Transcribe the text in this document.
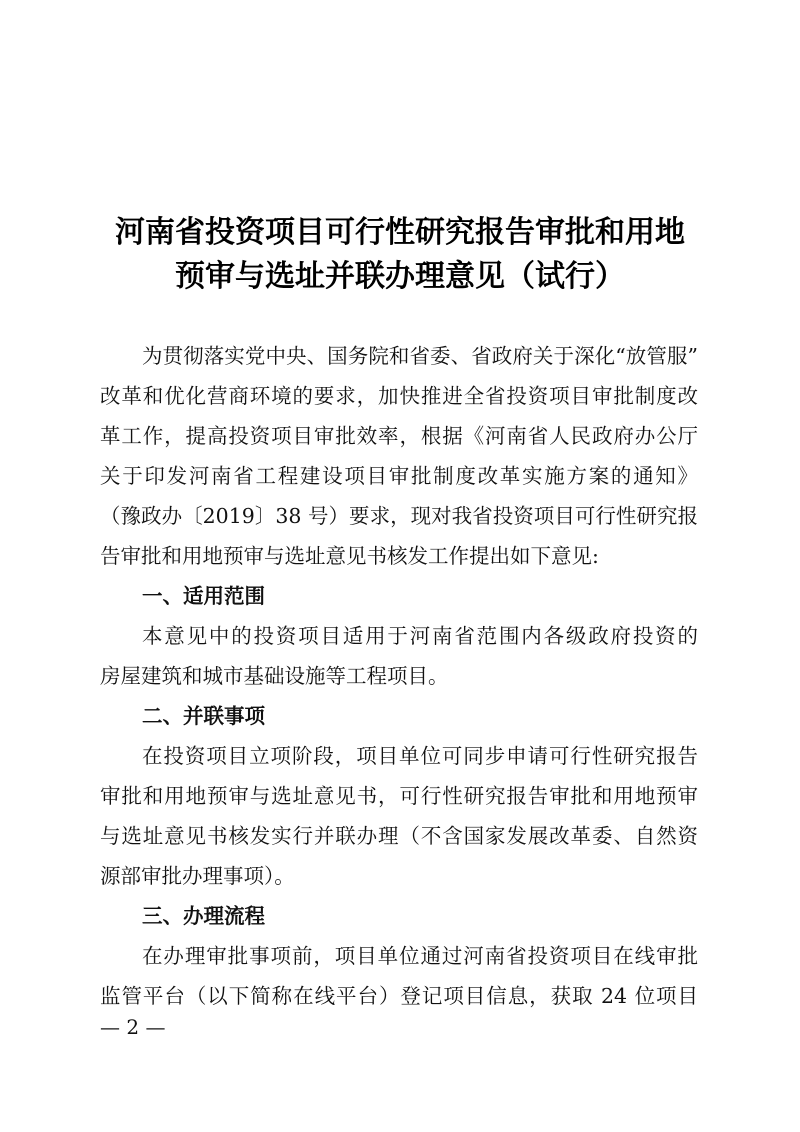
河南省投资项目可行性研究报告审批和用地
预审与选址并联办理意见（试行）
为贯彻落实党中央、国务院和省委、省政府关于深化“放管服”
改革和优化营商环境的要求，加快推进全省投资项目审批制度改
革工作，提高投资项目审批效率，根据《河南省人民政府办公厅
关于印发河南省工程建设项目审批制度改革实施方案的通知》
（豫政办〔2019〕38 号）要求，现对我省投资项目可行性研究报
告审批和用地预审与选址意见书核发工作提出如下意见:
一、适用范围
本意见中的投资项目适用于河南省范围内各级政府投资的
房屋建筑和城市基础设施等工程项目。
二、并联事项
在投资项目立项阶段，项目单位可同步申请可行性研究报告
审批和用地预审与选址意见书，可行性研究报告审批和用地预审
与选址意见书核发实行并联办理（不含国家发展改革委、自然资
源部审批办理事项）。
三、办理流程
在办理审批事项前，项目单位通过河南省投资项目在线审批
监管平台（以下简称在线平台）登记项目信息，获取 24 位项目
— 2 —
